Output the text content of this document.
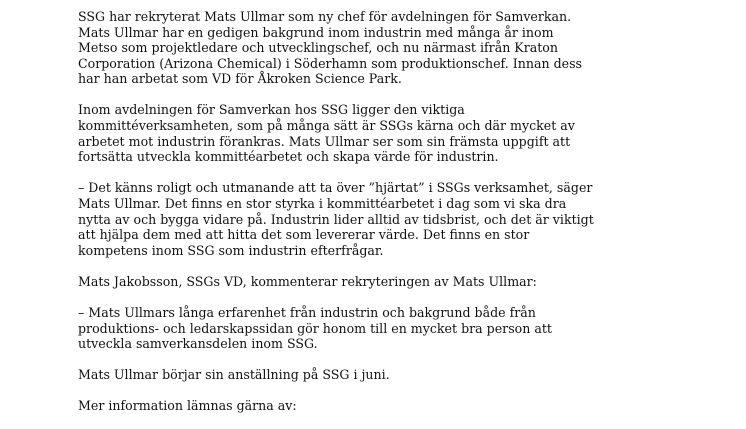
SSG har rekryterat Mats Ullmar som ny chef för avdelningen för Samverkan.
Mats Ullmar har en gedigen bakgrund inom industrin med många år inom
Metso som projektledare och utvecklingschef, och nu närmast ifrån Kraton
Corporation (Arizona Chemical) i Söderhamn som produktionschef. Innan dess
har han arbetat som VD för Åkroken Science Park.

Inom avdelningen för Samverkan hos SSG ligger den viktiga
kommittéverksamheten, som på många sätt är SSGs kärna och där mycket av
arbetet mot industrin förankras. Mats Ullmar ser som sin främsta uppgift att
fortsätta utveckla kommittéarbetet och skapa värde för industrin.

– Det känns roligt och utmanande att ta över ”hjärtat” i SSGs verksamhet, säger
Mats Ullmar. Det finns en stor styrka i kommittéarbetet i dag som vi ska dra
nytta av och bygga vidare på. Industrin lider alltid av tidsbrist, och det är viktigt
att hjälpa dem med att hitta det som levererar värde. Det finns en stor
kompetens inom SSG som industrin efterfrågar.

Mats Jakobsson, SSGs VD, kommenterar rekryteringen av Mats Ullmar:

– Mats Ullmars långa erfarenhet från industrin och bakgrund både från
produktions- och ledarskapssidan gör honom till en mycket bra person att
utveckla samverkansdelen inom SSG.

Mats Ullmar börjar sin anställning på SSG i juni.

Mer information lämnas gärna av:
